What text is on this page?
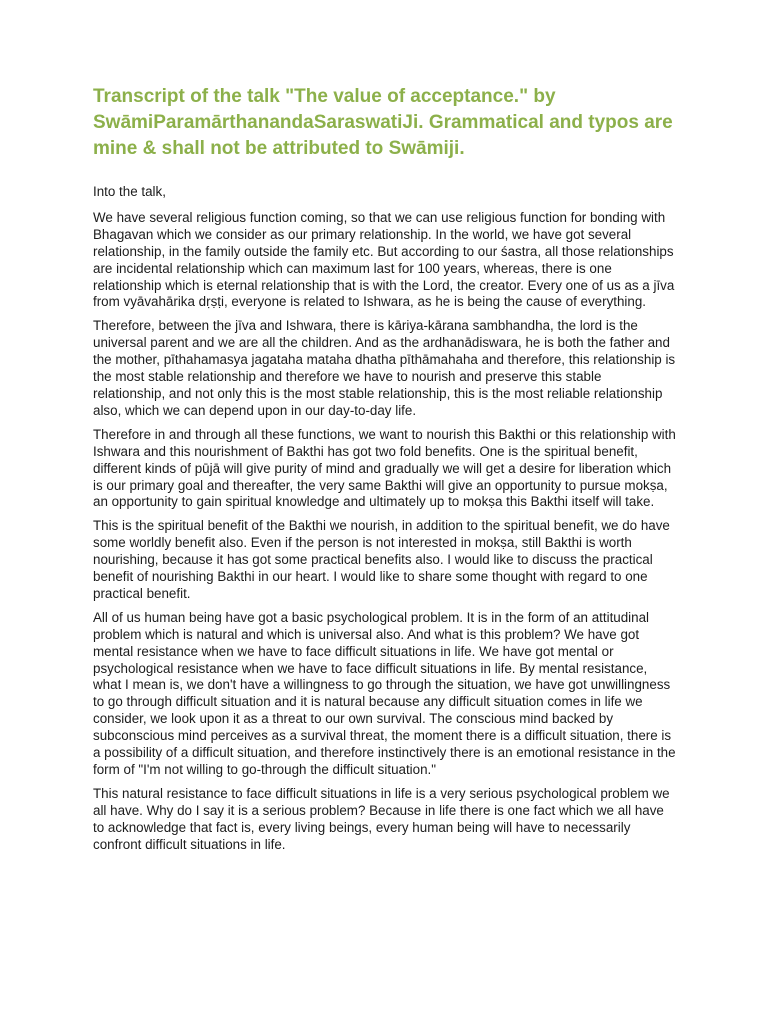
Transcript of the talk "The value of acceptance." by SwāmiParamārthanandaSaraswatiJi. Grammatical and typos are mine & shall not be attributed to Swāmiji.

Into the talk,

We have several religious function coming, so that we can use religious function for bonding with Bhagavan which we consider as our primary relationship. In the world, we have got several relationship, in the family outside the family etc. But according to our śastra, all those relationships are incidental relationship which can maximum last for 100 years, whereas, there is one relationship which is eternal relationship that is with the Lord, the creator. Every one of us as a jīva from vyāvahārika dṛṣṭi, everyone is related to Ishwara, as he is being the cause of everything.

Therefore, between the jīva and Ishwara, there is kāriya-kārana sambhandha, the lord is the universal parent and we are all the children. And as the ardhanādiswara, he is both the father and the mother, pīthahamasya jagataha mataha dhatha pīthāmahaha and therefore, this relationship is the most stable relationship and therefore we have to nourish and preserve this stable relationship, and not only this is the most stable relationship, this is the most reliable relationship also, which we can depend upon in our day-to-day life.

Therefore in and through all these functions, we want to nourish this Bakthi or this relationship with Ishwara and this nourishment of Bakthi has got two fold benefits. One is the spiritual benefit, different kinds of pūjā will give purity of mind and gradually we will get a desire for liberation which is our primary goal and thereafter, the very same Bakthi will give an opportunity to pursue mokṣa, an opportunity to gain spiritual knowledge and ultimately up to mokṣa this Bakthi itself will take.

This is the spiritual benefit of the Bakthi we nourish, in addition to the spiritual benefit, we do have some worldly benefit also. Even if the person is not interested in mokṣa, still Bakthi is worth nourishing, because it has got some practical benefits also. I would like to discuss the practical benefit of nourishing Bakthi in our heart. I would like to share some thought with regard to one practical benefit.

All of us human being have got a basic psychological problem. It is in the form of an attitudinal problem which is natural and which is universal also. And what is this problem? We have got mental resistance when we have to face difficult situations in life. We have got mental or psychological resistance when we have to face difficult situations in life. By mental resistance, what I mean is, we don't have a willingness to go through the situation, we have got unwillingness to go through difficult situation and it is natural because any difficult situation comes in life we consider, we look upon it as a threat to our own survival. The conscious mind backed by subconscious mind perceives as a survival threat, the moment there is a difficult situation, there is a possibility of a difficult situation, and therefore instinctively there is an emotional resistance in the form of "I'm not willing to go-through the difficult situation."

This natural resistance to face difficult situations in life is a very serious psychological problem we all have. Why do I say it is a serious problem? Because in life there is one fact which we all have to acknowledge that fact is, every living beings, every human being will have to necessarily confront difficult situations in life.
